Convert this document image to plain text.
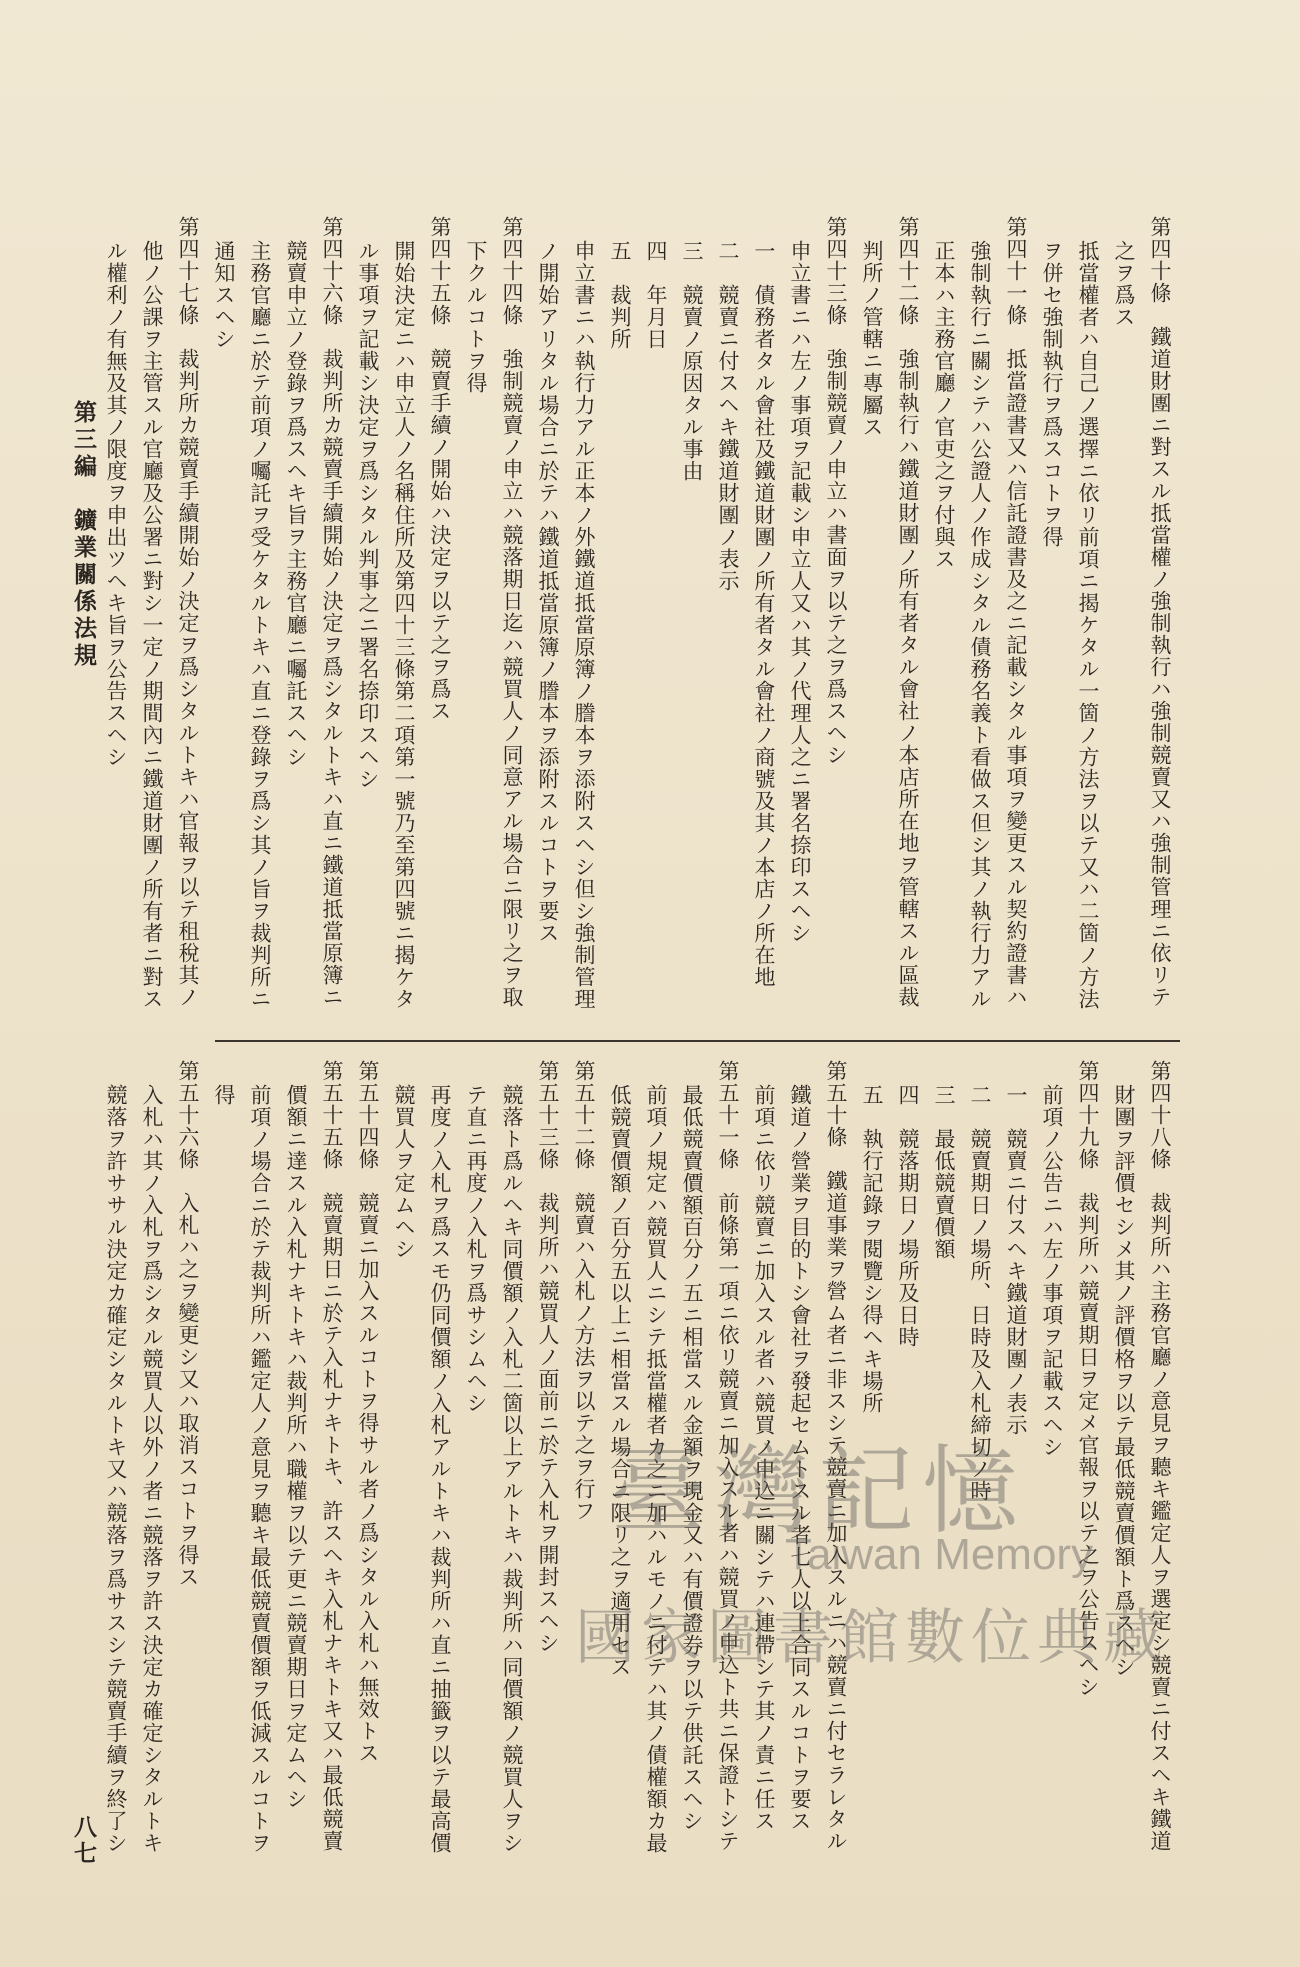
第四十條　鐵道財團ニ對スル抵當權ノ強制執行ハ強制競賣又ハ強制管理ニ依リテ
之ヲ爲ス
抵當權者ハ自己ノ選擇ニ依リ前項ニ揭ケタル一箇ノ方法ヲ以テ又ハ二箇ノ方法
ヲ併セ強制執行ヲ爲スコトヲ得
第四十一條　抵當證書又ハ信託證書及之ニ記載シタル事項ヲ變更スル契約證書ハ
強制執行ニ關シテハ公證人ノ作成シタル債務名義ト看做ス但シ其ノ執行力アル
正本ハ主務官廳ノ官吏之ヲ付與ス
第四十二條　強制執行ハ鐵道財團ノ所有者タル會社ノ本店所在地ヲ管轄スル區裁
判所ノ管轄ニ專屬ス
第四十三條　強制競賣ノ申立ハ書面ヲ以テ之ヲ爲スヘシ
申立書ニハ左ノ事項ヲ記載シ申立人又ハ其ノ代理人之ニ署名捺印スヘシ
一　債務者タル會社及鐵道財團ノ所有者タル會社ノ商號及其ノ本店ノ所在地
二　競賣ニ付スヘキ鐵道財團ノ表示
三　競賣ノ原因タル事由
四　年月日
五　裁判所
申立書ニハ執行力アル正本ノ外鐵道抵當原簿ノ謄本ヲ添附スヘシ但シ強制管理
ノ開始アリタル場合ニ於テハ鐵道抵當原簿ノ謄本ヲ添附スルコトヲ要ス
第四十四條　強制競賣ノ申立ハ競落期日迄ハ競買人ノ同意アル場合ニ限リ之ヲ取
下クルコトヲ得
第四十五條　競賣手續ノ開始ハ決定ヲ以テ之ヲ爲ス
開始決定ニハ申立人ノ名稱住所及第四十三條第二項第一號乃至第四號ニ揭ケタ
ル事項ヲ記載シ決定ヲ爲シタル判事之ニ署名捺印スヘシ
第四十六條　裁判所カ競賣手續開始ノ決定ヲ爲シタルトキハ直ニ鐵道抵當原簿ニ
競賣申立ノ登錄ヲ爲スヘキ旨ヲ主務官廳ニ囑託スヘシ
主務官廳ニ於テ前項ノ囑託ヲ受ケタルトキハ直ニ登錄ヲ爲シ其ノ旨ヲ裁判所ニ
通知スヘシ
第四十七條　裁判所カ競賣手續開始ノ決定ヲ爲シタルトキハ官報ヲ以テ租稅其ノ
他ノ公課ヲ主管スル官廳及公署ニ對シ一定ノ期間內ニ鐵道財團ノ所有者ニ對ス
ル權利ノ有無及其ノ限度ヲ申出ツヘキ旨ヲ公告スヘシ
第四十八條　裁判所ハ主務官廳ノ意見ヲ聽キ鑑定人ヲ選定シ競賣ニ付スヘキ鐵道
財團ヲ評價セシメ其ノ評價格ヲ以テ最低競賣價額ト爲スヘシ
第四十九條　裁判所ハ競賣期日ヲ定メ官報ヲ以テ之ヲ公告スヘシ
前項ノ公告ニハ左ノ事項ヲ記載スヘシ
一　競賣ニ付スヘキ鐵道財團ノ表示
二　競賣期日ノ場所、日時及入札締切ノ時
三　最低競賣價額
四　競落期日ノ場所及日時
五　執行記錄ヲ閱覽シ得ヘキ場所
第五十條　鐵道事業ヲ營ム者ニ非スシテ競賣ニ加入スルニハ競賣ニ付セラレタル
鐵道ノ營業ヲ目的トシ會社ヲ發起セムトスル者七人以上合同スルコトヲ要ス
前項ニ依リ競賣ニ加入スル者ハ競買ノ申込ニ關シテハ連帶シテ其ノ責ニ任ス
第五十一條　前條第一項ニ依リ競賣ニ加入スル者ハ競買ノ申込ト共ニ保證トシテ
最低競賣價額百分ノ五ニ相當スル金額ヲ現金又ハ有價證券ヲ以テ供託スヘシ
前項ノ規定ハ競買人ニシテ抵當權者カ之ニ加ハルモノニ付テハ其ノ債權額カ最
低競賣價額ノ百分五以上ニ相當スル場合ニ限リ之ヲ適用セス
第五十二條　競賣ハ入札ノ方法ヲ以テ之ヲ行フ
第五十三條　裁判所ハ競買人ノ面前ニ於テ入札ヲ開封スヘシ
競落ト爲ルヘキ同價額ノ入札二箇以上アルトキハ裁判所ハ同價額ノ競買人ヲシ
テ直ニ再度ノ入札ヲ爲サシムヘシ
再度ノ入札ヲ爲スモ仍同價額ノ入札アルトキハ裁判所ハ直ニ抽籤ヲ以テ最高價
競買人ヲ定ムヘシ
第五十四條　競賣ニ加入スルコトヲ得サル者ノ爲シタル入札ハ無效トス
第五十五條　競賣期日ニ於テ入札ナキトキ、許スヘキ入札ナキトキ又ハ最低競賣
價額ニ達スル入札ナキトキハ裁判所ハ職權ヲ以テ更ニ競賣期日ヲ定ムヘシ
前項ノ場合ニ於テ裁判所ハ鑑定人ノ意見ヲ聽キ最低競賣價額ヲ低減スルコトヲ
得
第五十六條　入札ハ之ヲ變更シ又ハ取消スコトヲ得ス
入札ハ其ノ入札ヲ爲シタル競買人以外ノ者ニ競落ヲ許ス決定カ確定シタルトキ
競落ヲ許ササル決定カ確定シタルトキ又ハ競落ヲ爲サスシテ競賣手續ヲ終了シ
第三編　鑛業關係法規
八七
臺灣記憶
Taiwan Memory
國家圖書館數位典藏
